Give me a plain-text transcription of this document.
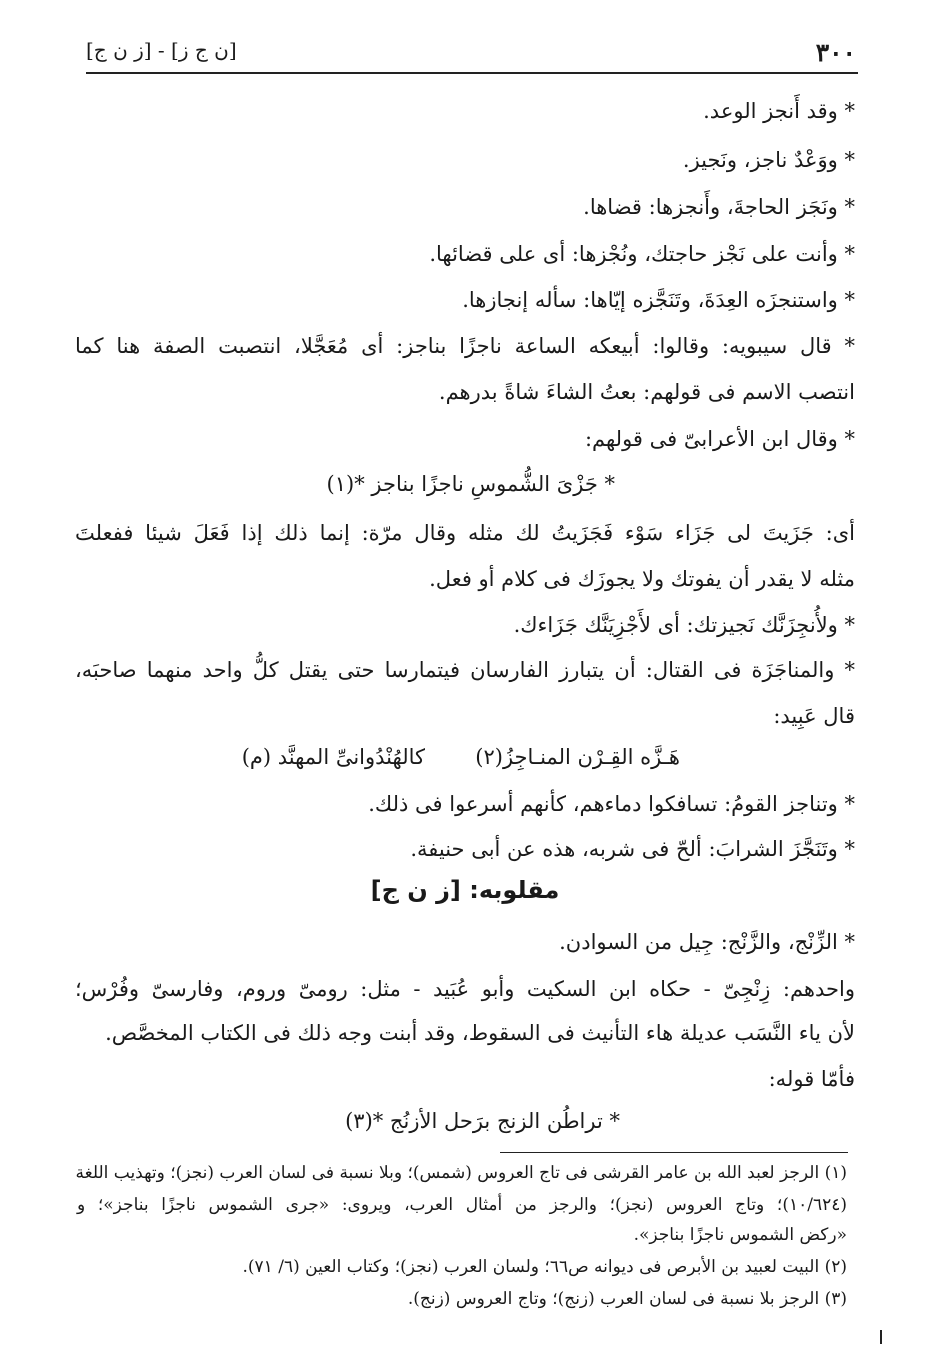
٣٠٠
[ن ج ز] - [ز ن ج]
* وقد أَنجز الوعد.
* ووَعْدٌ ناجز، ونَجيز.
* ونَجَز الحاجةَ، وأَنجزها: قضاها.
* وأنت على نَجْز حاجتك، ونُجْزها: أى على قضائها.
* واستنجزَه العِدَةَ، وتَنَجَّزه إيّاها: سأله إنجازها.
* قال سيبويه: وقالوا: أبيعكه الساعة ناجزًا بناجز: أى مُعَجَّلا، انتصبت الصفة هنا كما
انتصب الاسم فى قولهم: بعتُ الشاءَ شاةً بدرهم.
* وقال ابن الأعرابىّ فى قولهم:
* جَزْىَ الشُّموسِ ناجزًا بناجز *(١)
أى: جَزَيتَ لى جَزَاء سَوْء فَجَزَيتُ لك مثله وقال مرّة: إنما ذلك إذا فَعَلَ شيئا ففعلتَ
مثله لا يقدر أن يفوتك ولا يجوزَك فى كلام أو فعل.
* ولأُنجِزَنَّك نَجيزتك: أى لأَجْزِيَنَّك جَزَاءك.
* والمناجَزَة فى القتال: أن يتبارز الفارسان فيتمارسا حتى يقتل كلُّ واحد منهما صاحبَه،
قال عَبِيد:
هَـزَّه القِـرْن المنـاجِزُ(٢)
كالهُنْدُوانىِّ المهنَّد (م)
* وتناجز القومُ: تسافكوا دماءهم، كأنهم أسرعوا فى ذلك.
* وتَنَجَّزَ الشرابَ: ألحّ فى شربه، هذه عن أبى حنيفة.
مقلوبه: [ز ن ج]
* الزِّنْج، والزَّنْج: جِيل من السوادن.
واحدهم: زِنْجِىّ - حكاه ابن السكيت وأبو عُبَيد - مثل: رومىّ وروم، وفارسىّ وفُرْس؛
لأن ياء النَّسَب عديلة هاء التأنيث فى السقوط، وقد أبنت وجه ذلك فى الكتاب المخصَّص.
فأمّا قوله:
* تراطُن الزنج برَحل الأزنُج *(٣)
(١) الرجز لعبد الله بن عامر القرشى فى تاج العروس (شمس)؛ وبلا نسبة فى لسان العرب (نجز)؛ وتهذيب اللغة
(١٠/٦٢٤)؛ وتاج العروس (نجز)؛ والرجز من أمثال العرب، ويروى: «جرى الشموس ناجزًا بناجز»؛ و
«ركض الشموس ناجزًا بناجز».
(٢) البيت لعبيد بن الأبرص فى ديوانه ص٦٦؛ ولسان العرب (نجز)؛ وكتاب العين (٦/ ٧١).
(٣) الرجز بلا نسبة فى لسان العرب (زنج)؛ وتاج العروس (زنج).
